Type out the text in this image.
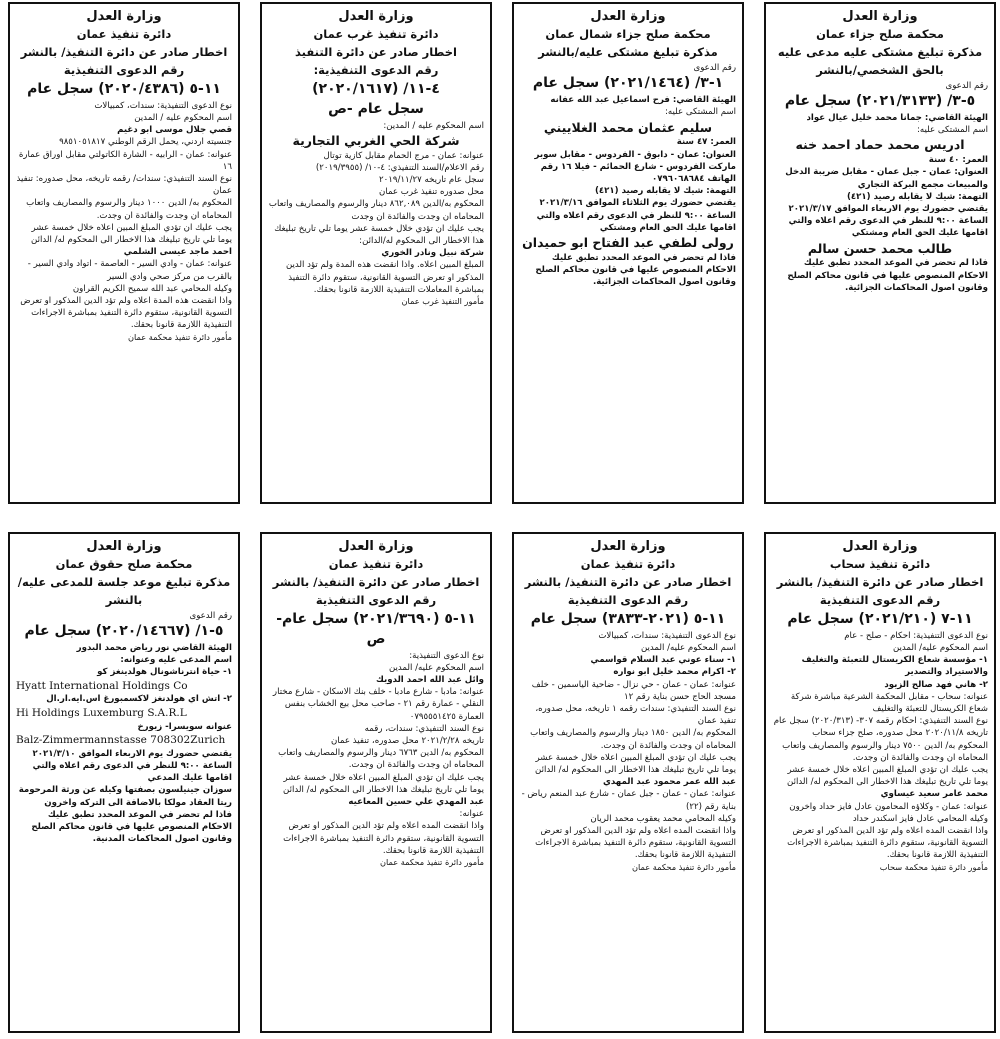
وزارة العدل

محكمة صلح جزاء عمان

مذكرة تبليغ مشتكى عليه مدعى عليه بالحق الشخصي/بالنشر

رقم الدعوى

٥-٣/ (٢٠٢١/٣١٣٣) سجل عام

الهيئة القاضي: جمانا محمد خليل عيال عواد

اسم المشتكى عليه:

ادريس محمد حماد احمد خنه

العمر: ٤٠ سنة

العنوان: عمان - جبل عمان - مقابل ضريبة الدخل والمبيعات مجمع البركة التجاري

التهمة: شيك لا يقابله رصيد (٤٢١)

يقتضي حضورك يوم الاربعاء الموافق ٢٠٢١/٣/١٧ الساعة ٩:٠٠ للنظر في الدعوى رقم اعلاه والتي اقامها عليك الحق العام ومشتكي

طالب محمد حسن سالم

فاذا لم تحضر في الموعد المحدد تطبق عليك الاحكام المنصوص عليها في قانون محاكم الصلح وقانون اصول المحاكمات الجزائية.

وزارة العدل

محكمة صلح جزاء شمال عمان

مذكرة تبليغ مشتكى عليه/بالنشر

رقم الدعوى

١-٣/ (٢٠٢١/١٤٦٤) سجل عام

الهيئة القاضي: فرح اسماعيل عبد الله عفانه

اسم المشتكى عليه:

سليم عثمان محمد الغلاييني

العمر: ٤٧ سنة

العنوان: عمان - دابوق - الفردوس - مقابل سوبر ماركت الفردوس - شارع الحمائم - فيلا ١٦ رقم الهاتف ٠٧٩٦٠٦٨٦٨٤

التهمة: شيك لا يقابله رصيد (٤٢١)

يقتضي حضورك يوم الثلاثاء الموافق ٢٠٢١/٣/١٦ الساعة ٩:٠٠ للنظر في الدعوى رقم اعلاه والتي اقامها عليك الحق العام ومشتكي

رولى لطفي عبد الفتاح ابو حميدان

فاذا لم تحضر في الموعد المحدد تطبق عليك الاحكام المنصوص عليها في قانون محاكم الصلح وقانون اصول المحاكمات الجزائية.

وزارة العدل

دائرة تنفيذ غرب عمان

اخطار صادر عن دائرة التنفيذ

رقم الدعوى التنفيذية:

٤-١١/ (٢٠٢٠/١٦١٧)

سجل عام -ص

اسم المحكوم عليه / المدين:

شركة الحي الغربي التجارية

عنوانه: عمان - مرج الحمام مقابل كازية توتال

رقم الاعلام/السند التنفيذي: ٤-١٠/ (٢٠١٩/٣٩٥٥)

سجل عام تاريخه ٢٠١٩/١١/٢٧

محل صدوره تنفيذ غرب عمان

المحكوم به/الدين ٨٦٢,٠٨٩ دينار والرسوم والمصاريف واتعاب المحاماه ان وجدت والفائدة ان وجدت

يجب عليك ان تؤدي خلال خمسة عشر يوما تلي تاريخ تبليغك هذا الاخطار الى المحكوم له/الدائن:

شركة نبيل ونادر الخوري

المبلغ المبين اعلاه. واذا انقضت هذه المدة ولم تؤد الدين المذكور او تعرض التسوية القانونية، ستقوم دائرة التنفيذ بمباشرة المعاملات التنفيذية اللازمة قانونا بحقك.

مأمور التنفيذ غرب عمان

وزارة العدل

دائرة تنفيذ عمان

اخطار صادر عن دائرة التنفيذ/ بالنشر

رقم الدعوى التنفيذية

١١-٥ (٢٠٢٠/٤٣٨٦) سجل عام

نوع الدعوى التنفيذية: سندات، كمبيالات

اسم المحكوم عليه / المدين

قصي جلال موسى ابو دغيم

جنسيته اردني، يحمل الرقم الوطني ٩٨٥١٠٥١٨١٧

عنوانه: عمان - الرابيه - الشارة الكاتولتي مقابل اوراق عمارة ١٦

نوع السند التنفيذي: سندات/ رقمه تاريخه، محل صدوره: تنفيذ عمان

المحكوم به/ الدين ١٠٠٠ دينار والرسوم والمصاريف واتعاب المحاماه ان وجدت والفائدة ان وجدت.

يجب عليك ان تؤدي المبلغ المبين اعلاه خلال خمسة عشر يوما تلي تاريخ تبليغك هذا الاخطار الى المحكوم له/ الدائن

احمد ماجد عيسى الشلمي

عنوانه: عمان - وادي السير - العاصمة - اتواد وادي السير - بالقرب من مركز صحي وادي السير

وكيله المحامي عبد الله سميح الكريم القراون

واذا انقضت هذه المدة اعلاه ولم تؤد الدين المذكور او تعرض التسوية القانونية، ستقوم دائرة التنفيذ بمباشرة الاجراءات التنفيذية اللازمة قانونا بحقك.

مأمور دائرة تنفيذ محكمة عمان

وزارة العدل

دائرة تنفيذ سحاب

اخطار صادر عن دائرة التنفيذ/ بالنشر

رقم الدعوى التنفيذية

١١-٧ (٢٠٢١/٢١٠) سجل عام

نوع الدعوى التنفيذية: احكام - صلح - عام

اسم المحكوم عليه/ المدين

١- مؤسسة شعاع الكريستال للتعبئة والتغليف والاستيراد والتصدير

٢- هاني فهد صالح الزيود

عنوانه: سحاب - مقابل المحكمة الشرعية مباشرة شركة شعاع الكريستال للتعبئة والتغليف

نوع السند التنفيذي: احكام رقمه ٣٠٧- (٢٠٢٠/٣١٣) سجل عام

تاريخه ٢٠٢٠/١١/٨ محل صدوره، صلح جزاء سحاب

المحكوم به/ الدين ٧٥٠٠ دينار والرسوم والمصاريف واتعاب المحاماه ان وجدت والفائدة ان وجدت.

يجب عليك ان تؤدي المبلغ المبين اعلاه خلال خمسة عشر يوما تلي تاريخ تبليغك هذا الاخطار الى المحكوم له/ الدائن

محمد عامر سعيد عيساوي

عنوانه: عمان - وكلاؤه المحامون عادل فايز حداد واخرون وكيله المحامي عادل فايز اسكندر حداد

واذا انقضت المده اعلاه ولم تؤد الدين المذكور او تعرض التسوية القانونية، ستقوم دائرة التنفيذ بمباشرة الاجراءات التنفيذية اللازمة قانونا بحقك.

مأمور دائرة تنفيذ محكمة سحاب

وزارة العدل

دائرة تنفيذ عمان

اخطار صادر عن دائرة التنفيذ/ بالنشر

رقم الدعوى التنفيذية

١١-٥ (٢٠٢١-٣٨٣٣) سجل عام

نوع الدعوى التنفيذية: سندات، كمبيالات

اسم المحكوم عليه/ المدين

١- سناء عوني عبد السلام قواسمي

٢- اكرام محمد خليل ابو نواره

عنوانه: عمان - عمان - حي نزال - ضاحية الياسمين - خلف مسجد الحاج حسن بناية رقم ١٢

نوع السند التنفيذي: سندات رقمه ١ تاريخه، محل صدوره، تنفيذ عمان

المحكوم به/ الدين ١٨٥٠ دينار والرسوم والمصاريف واتعاب المحاماه ان وجدت والفائدة ان وجدت.

يجب عليك ان تؤدي المبلغ المبين اعلاه خلال خمسة عشر يوما تلي تاريخ تبليغك هذا الاخطار الى المحكوم له/ الدائن

عبد الله عمر محمود عبد المهدي

عنوانه: عمان - عمان - جبل عمان - شارع عبد المنعم رياض - بناية رقم (٢٢)

وكيله المحامي محمد يعقوب محمد الريان

واذا انقضت المده اعلاه ولم تؤد الدين المذكور او تعرض التسوية القانونية، ستقوم دائرة التنفيذ بمباشرة الاجراءات التنفيذية اللازمة قانونا بحقك.

مأمور دائرة تنفيذ محكمة عمان

وزارة العدل

دائرة تنفيذ عمان

اخطار صادر عن دائرة التنفيذ/ بالنشر

رقم الدعوى التنفيذية

١١-٥ (٢٠٢١/٣٦٩٠) سجل عام-ص

نوع الدعوى التنفيذية:

اسم المحكوم عليه/ المدين

وائل عبد الله احمد الدويك

عنوانه: مادبا - شارع مادبا - خلف بنك الاسكان - شارع مختار النقلي - عمارة رقم ٢١ - صاحب محل بيع الخشاب بنفس العمارة ٠٧٩٥٥٥١٤٢٥

نوع السند التنفيذي: سندات، رقمه

تاريخه ٢٠٢١/٢/٢٨ محل صدوره، تنفيذ عمان

المحكوم به/ الدين ٦٧٦٣ دينار والرسوم والمصاريف واتعاب المحاماه ان وجدت والفائدة ان وجدت.

يجب عليك ان تؤدي المبلغ المبين اعلاه خلال خمسة عشر يوما تلي تاريخ تبليغك هذا الاخطار الى المحكوم له/ الدائن

عبد المهدي علي حسين المعاعيه

عنوانه:

واذا انقضت المده اعلاه ولم تؤد الدين المذكور او تعرض التسوية القانونية، ستقوم دائرة التنفيذ بمباشرة الاجراءات التنفيذية اللازمة قانونا بحقك.

مأمور دائرة تنفيذ محكمة عمان

وزارة العدل

محكمة صلح حقوق عمان

مذكرة تبليغ موعد جلسة للمدعى عليه/بالنشر

رقم الدعوى

٥-١/ (٢٠٢٠/١٤٦٦٧) سجل عام

الهيئة القاضي نور رياض محمد البدور

اسم المدعى عليه وعنوانه:

١- حياة انترناشونال هولدينغز كو

Hyatt International Holdings Co

٢- اتش اي هولدنغز لاكسمبورغ اس.ايه.ار.ال

Hi Holdings Luxemburg S.A.R.L

عنوانه سويسرا- زيورخ

Balz-Zimmermannstasse 708302Zurich

يقتضي حضورك يوم الاربعاء الموافق ٢٠٢١/٣/١٠ الساعة ٩:٠٠ للنظر في الدعوى رقم اعلاه والتي اقامها عليك المدعي

سوزان جينيلسون بصفتها وكيله عن ورثة المرحومة ريتا العقاد مولكا بالاضافة الى التركه واخرون

فاذا لم تحضر في الموعد المحدد تطبق عليك الاحكام المنصوص عليها في قانون محاكم الصلح وقانون اصول المحاكمات المدنية.
